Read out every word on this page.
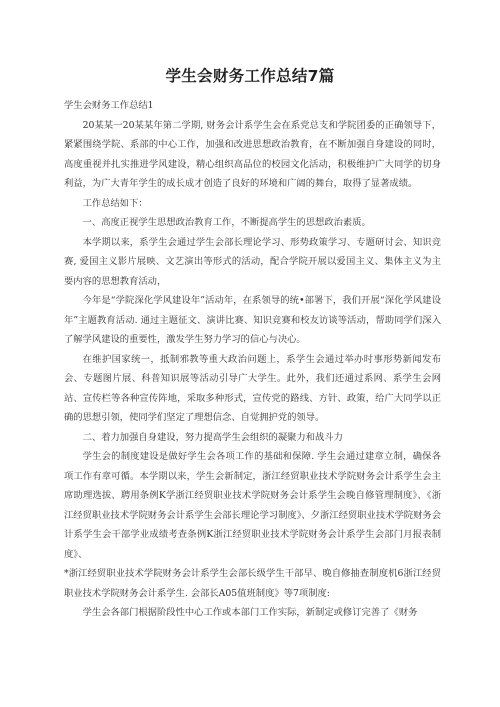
学生会财务工作总结7篇

学生会财务工作总结1

20某某一20某某年第二学期, 财务会计系学生会在系党总支和学院团委的正确领导下，紧紧围绕学院、系部的中心工作，加强和改进思想政治教育，在不断加强自身建设的同时，高度重视并扎实推进学风建设，精心组织高品位的校园文化活动，积极维护广大同学的切身利益，为广大青年学生的成长成才创造了良好的环境和广阔的舞台，取得了显著成绩。

工作总结如下：

一、高度正视学生思想政治教育工作，不断提高学生的思想政治素质。

本学期以来，系学生会通过学生会部长理论学习、形势政策学习、专题研讨会、知识竞赛, 爱国主义影片展映、文艺演出等形式的活动，配合学院开展以爱国主义、集体主义为主要内容的思想教育活动，

今年是“学院深化学风建设年”活动年，在系领导的统•部署下，我们开展“深化学风建设年”主题教育活动. 通过主题征文、演讲比赛、知识竞赛和校友访谈等活动，帮助同学们深入了解学风建设的重要性，激发学生努力学习的信心与决心。

在维护国家统一，抵制邪教等重大政治问题上，系学生会通过举办时事形势新闻发布会、专题图片展、科普知识展等活动引导广大学生。此外，我们还通过系网、系学生会网站、宣传栏等各种宣传阵地，采取多种形式，宣传党的路线、方针、政策，给广大同学以正确的思想引领，使同学们坚定了理想信念、自觉拥护党的领导。

二、着力加强自身建设，努力提高学生会组织的凝聚力和战斗力

学生会的制度建设是做好学生会各项工作的基础和保障. 学生会通过建章立制，确保各项工作有章可循。本学期以来，学生会新制定，浙江经贸职业技术学院财务会计系学生会主席助理选拔、聘用条例K学浙江经贸职业技术学院财务会计系学生会晚自修管理制度》、《浙江经贸职业技术学院财务会计系学生会部长理论学习制度》、夕浙江经贸职业技术学院财务会计系学生会干部学业成绩考查条例K浙江经贸职业技术学院财务会计系学生会部门月报表制度》、

*浙江经贸职业技术学院财务会计系学生会部长级学生干部早、晚自修抽查制度机6浙江经贸职业技术学院财务会计系学生. 会部长A05值班制度》等7项制度:

学生会各部门根据阶段性中心工作或本部门工作实际，新制定或修订完善了《财务
